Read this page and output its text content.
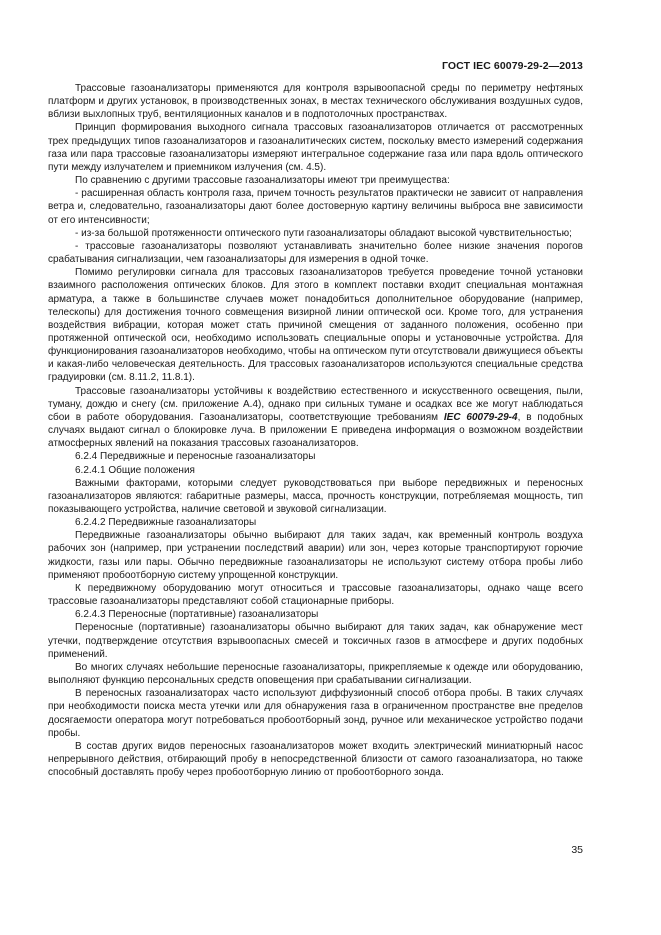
ГОСТ IEC 60079-29-2—2013

Трассовые газоанализаторы применяются для контроля взрывоопасной среды по периметру нефтяных платформ и других установок, в производственных зонах, в местах технического обслуживания воздушных судов, вблизи выхлопных труб, вентиляционных каналов и в подпотолочных пространствах.

Принцип формирования выходного сигнала трассовых газоанализаторов отличается от рассмотренных трех предыдущих типов газоанализаторов и газоаналитических систем, поскольку вместо измерений содержания газа или пара трассовые газоанализаторы измеряют интегральное содержание газа или пара вдоль оптического пути между излучателем и приемником излучения (см. 4.5).

По сравнению с другими трассовые газоанализаторы имеют три преимущества:

- расширенная область контроля газа, причем точность результатов практически не зависит от направления ветра и, следовательно, газоанализаторы дают более достоверную картину величины выброса вне зависимости от его интенсивности;

- из-за большой протяженности оптического пути газоанализаторы обладают высокой чувствительностью;

- трассовые газоанализаторы позволяют устанавливать значительно более низкие значения порогов срабатывания сигнализации, чем газоанализаторы для измерения в одной точке.

Помимо регулировки сигнала для трассовых газоанализаторов требуется проведение точной установки взаимного расположения оптических блоков. Для этого в комплект поставки входит специальная монтажная арматура, а также в большинстве случаев может понадобиться дополнительное оборудование (например, телескопы) для достижения точного совмещения визирной линии оптической оси. Кроме того, для устранения воздействия вибрации, которая может стать причиной смещения от заданного положения, особенно при протяженной оптической оси, необходимо использовать специальные опоры и установочные устройства. Для функционирования газоанализаторов необходимо, чтобы на оптическом пути отсутствовали движущиеся объекты и какая-либо человеческая деятельность. Для трассовых газоанализаторов используются специальные средства градуировки (см. 8.11.2, 11.8.1).

Трассовые газоанализаторы устойчивы к воздействию естественного и искусственного освещения, пыли, туману, дождю и снегу (см. приложение А.4), однако при сильных тумане и осадках все же могут наблюдаться сбои в работе оборудования. Газоанализаторы, соответствующие требованиям IEC 60079-29-4, в подобных случаях выдают сигнал о блокировке луча. В приложении Е приведена информация о возможном воздействии атмосферных явлений на показания трассовых газоанализаторов.

6.2.4 Передвижные и переносные газоанализаторы

6.2.4.1 Общие положения

Важными факторами, которыми следует руководствоваться при выборе передвижных и переносных газоанализаторов являются: габаритные размеры, масса, прочность конструкции, потребляемая мощность, тип показывающего устройства, наличие световой и звуковой сигнализации.

6.2.4.2 Передвижные газоанализаторы

Передвижные газоанализаторы обычно выбирают для таких задач, как временный контроль воздуха рабочих зон (например, при устранении последствий аварии) или зон, через которые транспортируют горючие жидкости, газы или пары. Обычно передвижные газоанализаторы не используют систему отбора пробы либо применяют пробоотборную систему упрощенной конструкции.

К передвижному оборудованию могут относиться и трассовые газоанализаторы, однако чаще всего трассовые газоанализаторы представляют собой стационарные приборы.

6.2.4.3 Переносные (портативные) газоанализаторы

Переносные (портативные) газоанализаторы обычно выбирают для таких задач, как обнаружение мест утечки, подтверждение отсутствия взрывоопасных смесей и токсичных газов в атмосфере и других подобных применений.

Во многих случаях небольшие переносные газоанализаторы, прикрепляемые к одежде или оборудованию, выполняют функцию персональных средств оповещения при срабатывании сигнализации.

В переносных газоанализаторах часто используют диффузионный способ отбора пробы. В таких случаях при необходимости поиска места утечки или для обнаружения газа в ограниченном пространстве вне пределов досягаемости оператора могут потребоваться пробоотборный зонд, ручное или механическое устройство подачи пробы.

В состав других видов переносных газоанализаторов может входить электрический миниатюрный насос непрерывного действия, отбирающий пробу в непосредственной близости от самого газоанализатора, но также способный доставлять пробу через пробоотборную линию от пробоотборного зонда.

35
